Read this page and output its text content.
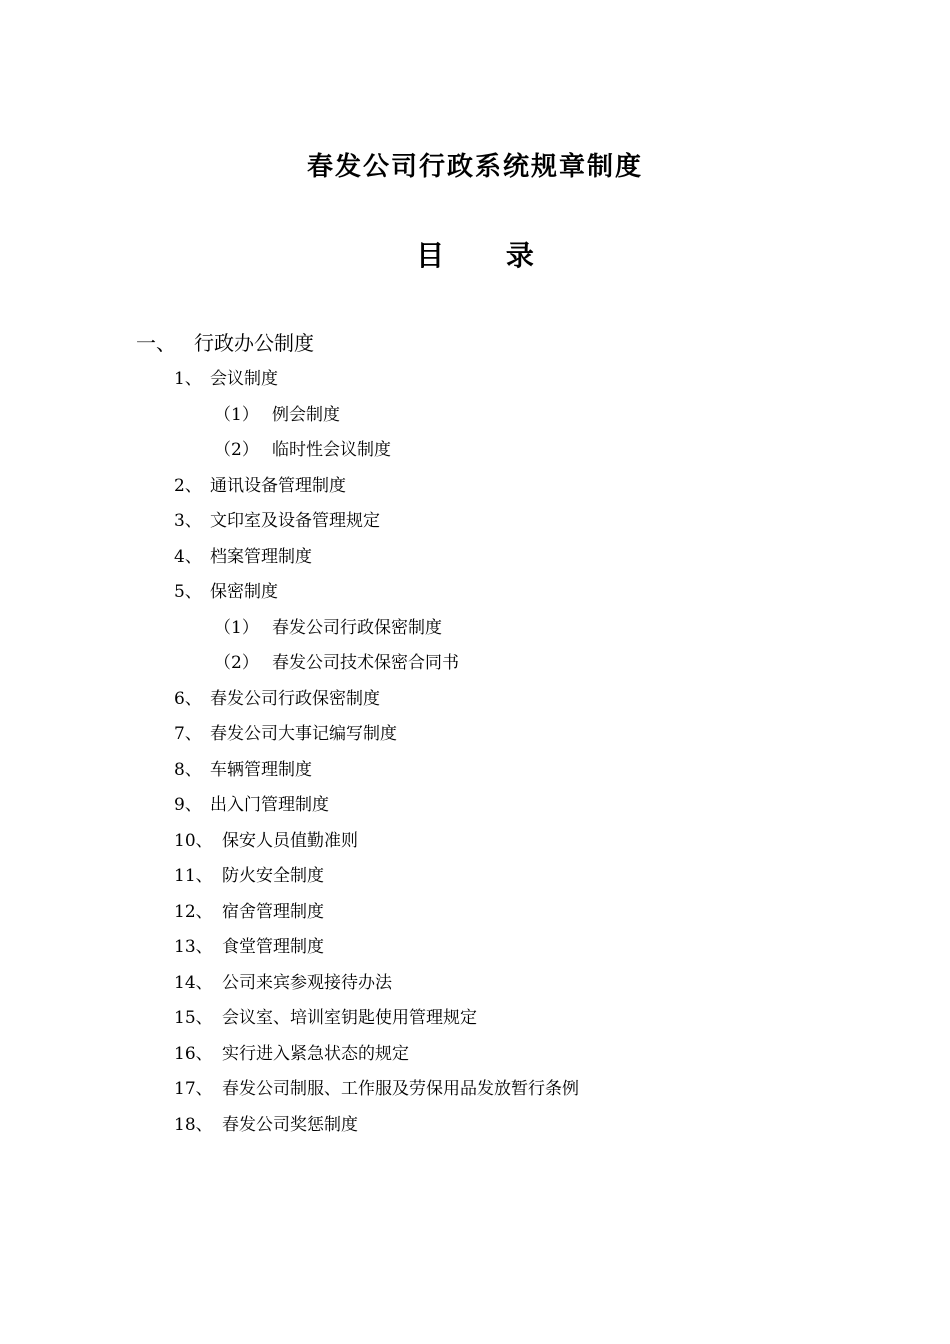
春发公司行政系统规章制度
目 录
一、 行政办公制度
1、 会议制度
（1） 例会制度
（2） 临时性会议制度
2、 通讯设备管理制度
3、 文印室及设备管理规定
4、 档案管理制度
5、 保密制度
（1） 春发公司行政保密制度
（2） 春发公司技术保密合同书
6、 春发公司行政保密制度
7、 春发公司大事记编写制度
8、 车辆管理制度
9、 出入门管理制度
10、 保安人员值勤准则
11、 防火安全制度
12、 宿舍管理制度
13、 食堂管理制度
14、 公司来宾参观接待办法
15、 会议室、培训室钥匙使用管理规定
16、 实行进入紧急状态的规定
17、 春发公司制服、工作服及劳保用品发放暂行条例
18、 春发公司奖惩制度
